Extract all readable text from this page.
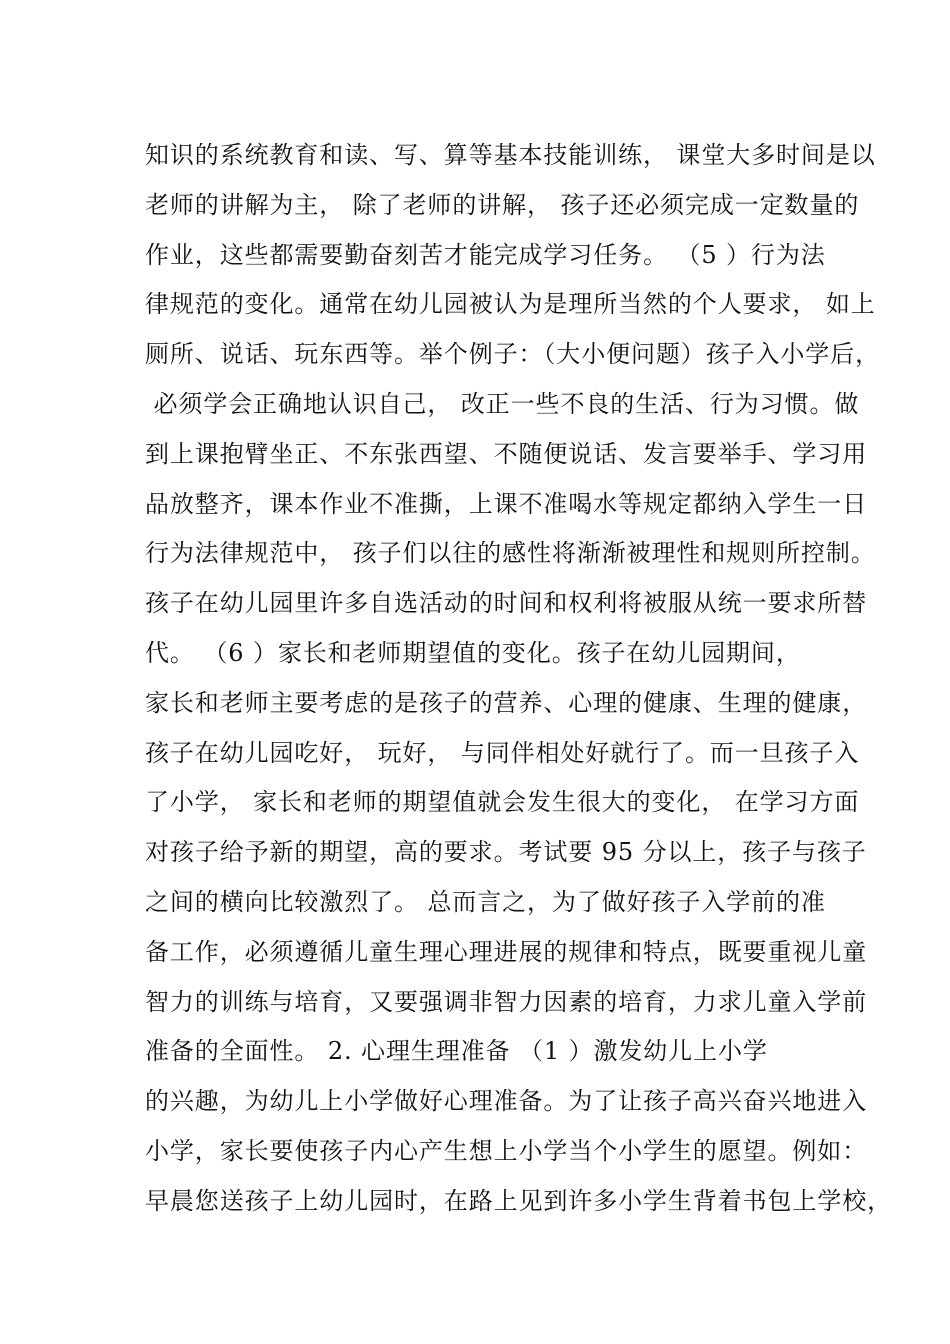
知识的系统教育和读、写、算等基本技能训练， 课堂大多时间是以
老师的讲解为主， 除了老师的讲解， 孩子还必须完成一定数量的
作业，这些都需要勤奋刻苦才能完成学习任务。 （5 ）行为法
律规范的变化。通常在幼儿园被认为是理所当然的个人要求， 如上
厕所、说话、玩东西等。举个例子：（大小便问题）孩子入小学后，
必须学会正确地认识自己， 改正一些不良的生活、行为习惯。做
到上课抱臂坐正、不东张西望、不随便说话、发言要举手、学习用
品放整齐，课本作业不准撕，上课不准喝水等规定都纳入学生一日
行为法律规范中， 孩子们以往的感性将渐渐被理性和规则所控制。
孩子在幼儿园里许多自选活动的时间和权利将被服从统一要求所替
代。 （6 ）家长和老师期望值的变化。孩子在幼儿园期间，
家长和老师主要考虑的是孩子的营养、心理的健康、生理的健康，
孩子在幼儿园吃好， 玩好， 与同伴相处好就行了。而一旦孩子入
了小学， 家长和老师的期望值就会发生很大的变化， 在学习方面
对孩子给予新的期望，高的要求。考试要 95 分以上，孩子与孩子
之间的横向比较激烈了。 总而言之，为了做好孩子入学前的准
备工作，必须遵循儿童生理心理进展的规律和特点，既要重视儿童
智力的训练与培育，又要强调非智力因素的培育，力求儿童入学前
准备的全面性。 2. 心理生理准备 （1 ）激发幼儿上小学
的兴趣，为幼儿上小学做好心理准备。为了让孩子高兴奋兴地进入
小学，家长要使孩子内心产生想上小学当个小学生的愿望。例如：
早晨您送孩子上幼儿园时，在路上见到许多小学生背着书包上学校，
